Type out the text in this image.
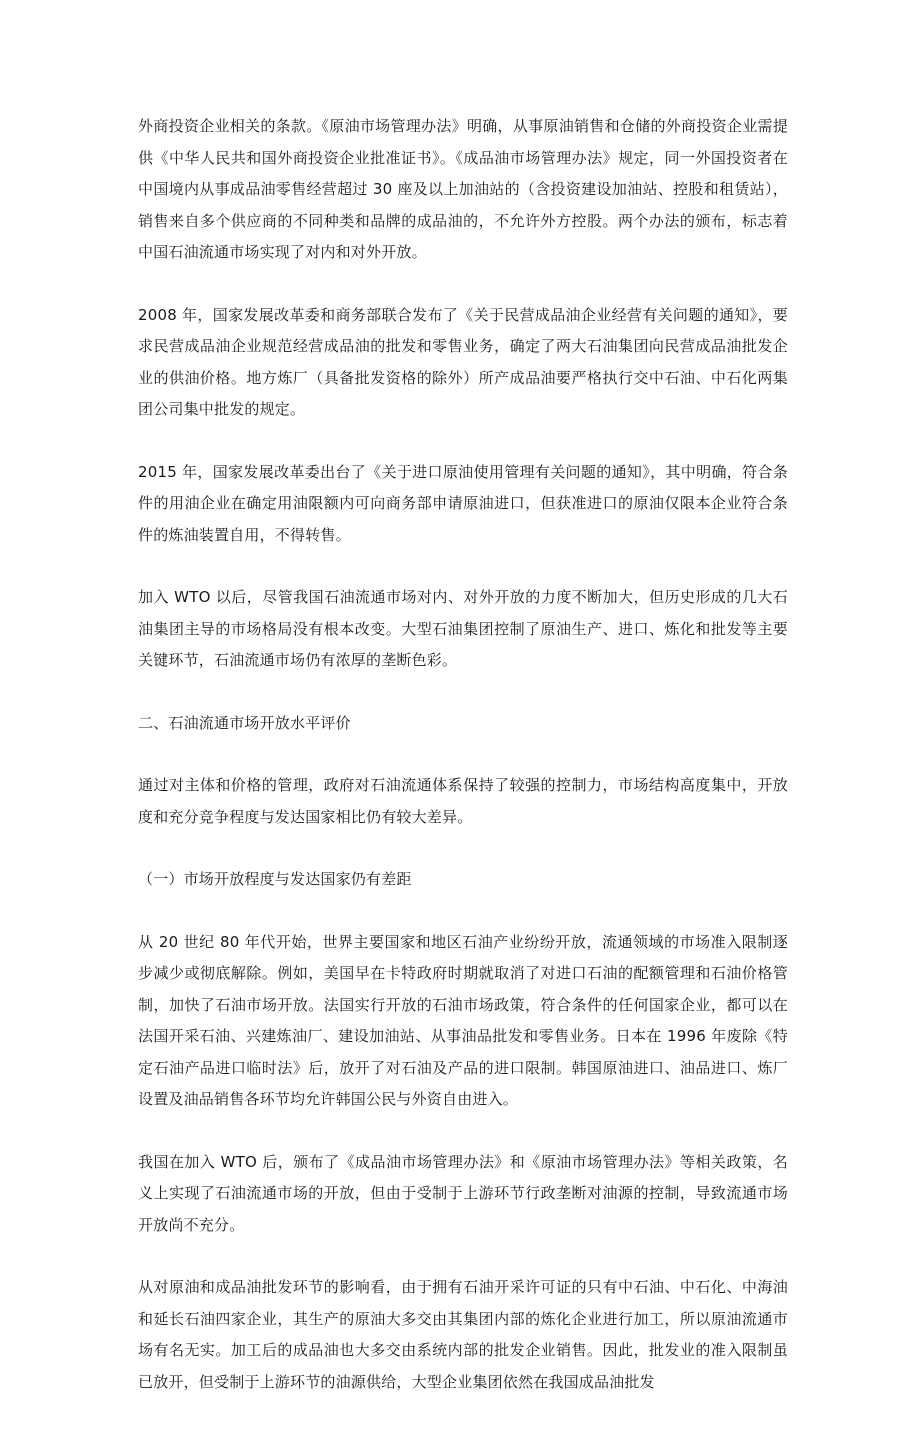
外商投资企业相关的条款。《原油市场管理办法》明确，从事原油销售和仓储的外商投资企业需提供《中华人民共和国外商投资企业批准证书》。《成品油市场管理办法》规定，同一外国投资者在中国境内从事成品油零售经营超过 30 座及以上加油站的（含投资建设加油站、控股和租赁站），销售来自多个供应商的不同种类和品牌的成品油的，不允许外方控股。两个办法的颁布，标志着中国石油流通市场实现了对内和对外开放。

2008 年，国家发展改革委和商务部联合发布了《关于民营成品油企业经营有关问题的通知》，要求民营成品油企业规范经营成品油的批发和零售业务，确定了两大石油集团向民营成品油批发企业的供油价格。地方炼厂（具备批发资格的除外）所产成品油要严格执行交中石油、中石化两集团公司集中批发的规定。

2015 年，国家发展改革委出台了《关于进口原油使用管理有关问题的通知》，其中明确，符合条件的用油企业在确定用油限额内可向商务部申请原油进口，但获准进口的原油仅限本企业符合条件的炼油装置自用，不得转售。

加入 WTO 以后，尽管我国石油流通市场对内、对外开放的力度不断加大，但历史形成的几大石油集团主导的市场格局没有根本改变。大型石油集团控制了原油生产、进口、炼化和批发等主要关键环节，石油流通市场仍有浓厚的垄断色彩。

二、石油流通市场开放水平评价

通过对主体和价格的管理，政府对石油流通体系保持了较强的控制力，市场结构高度集中，开放度和充分竞争程度与发达国家相比仍有较大差异。

（一）市场开放程度与发达国家仍有差距

从 20 世纪 80 年代开始，世界主要国家和地区石油产业纷纷开放，流通领域的市场准入限制逐步减少或彻底解除。例如，美国早在卡特政府时期就取消了对进口石油的配额管理和石油价格管制，加快了石油市场开放。法国实行开放的石油市场政策，符合条件的任何国家企业，都可以在法国开采石油、兴建炼油厂、建设加油站、从事油品批发和零售业务。日本在 1996 年废除《特定石油产品进口临时法》后，放开了对石油及产品的进口限制。韩国原油进口、油品进口、炼厂设置及油品销售各环节均允许韩国公民与外资自由进入。

我国在加入 WTO 后，颁布了《成品油市场管理办法》和《原油市场管理办法》等相关政策，名义上实现了石油流通市场的开放，但由于受制于上游环节行政垄断对油源的控制，导致流通市场开放尚不充分。

从对原油和成品油批发环节的影响看，由于拥有石油开采许可证的只有中石油、中石化、中海油和延长石油四家企业，其生产的原油大多交由其集团内部的炼化企业进行加工，所以原油流通市场有名无实。加工后的成品油也大多交由系统内部的批发企业销售。因此，批发业的准入限制虽已放开，但受制于上游环节的油源供给，大型企业集团依然在我国成品油批发
